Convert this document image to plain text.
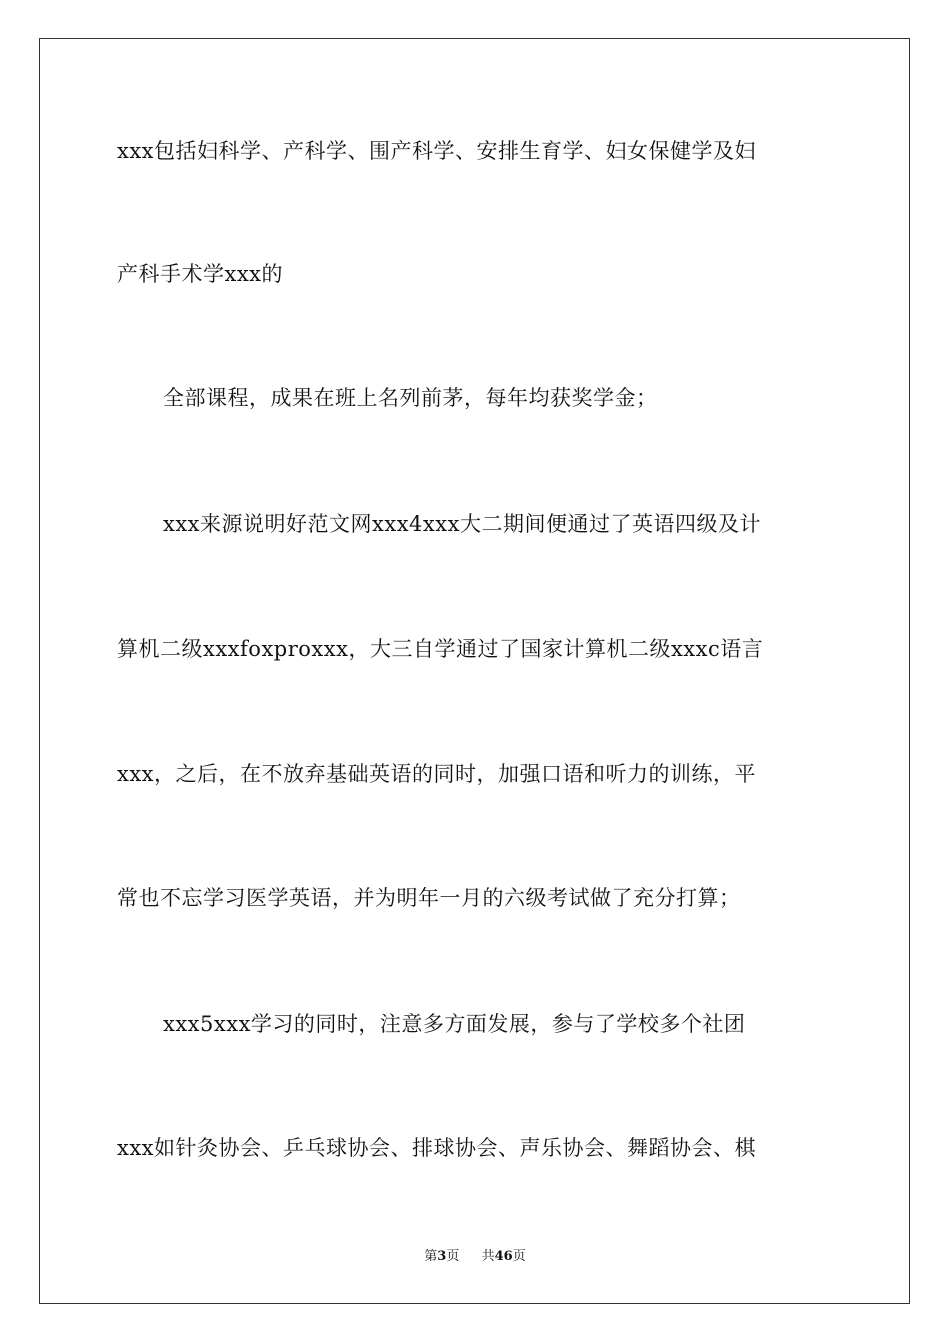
xxx包括妇科学、产科学、围产科学、安排生育学、妇女保健学及妇
产科手术学xxx的
全部课程，成果在班上名列前茅，每年均获奖学金；
xxx来源说明好范文网xxx4xxx大二期间便通过了英语四级及计
算机二级xxxfoxproxxx，大三自学通过了国家计算机二级xxxc语言
xxx，之后，在不放弃基础英语的同时，加强口语和听力的训练，平
常也不忘学习医学英语，并为明年一月的六级考试做了充分打算；
xxx5xxx学习的同时，注意多方面发展，参与了学校多个社团
xxx如针灸协会、乒乓球协会、排球协会、声乐协会、舞蹈协会、棋
第3页 共46页
